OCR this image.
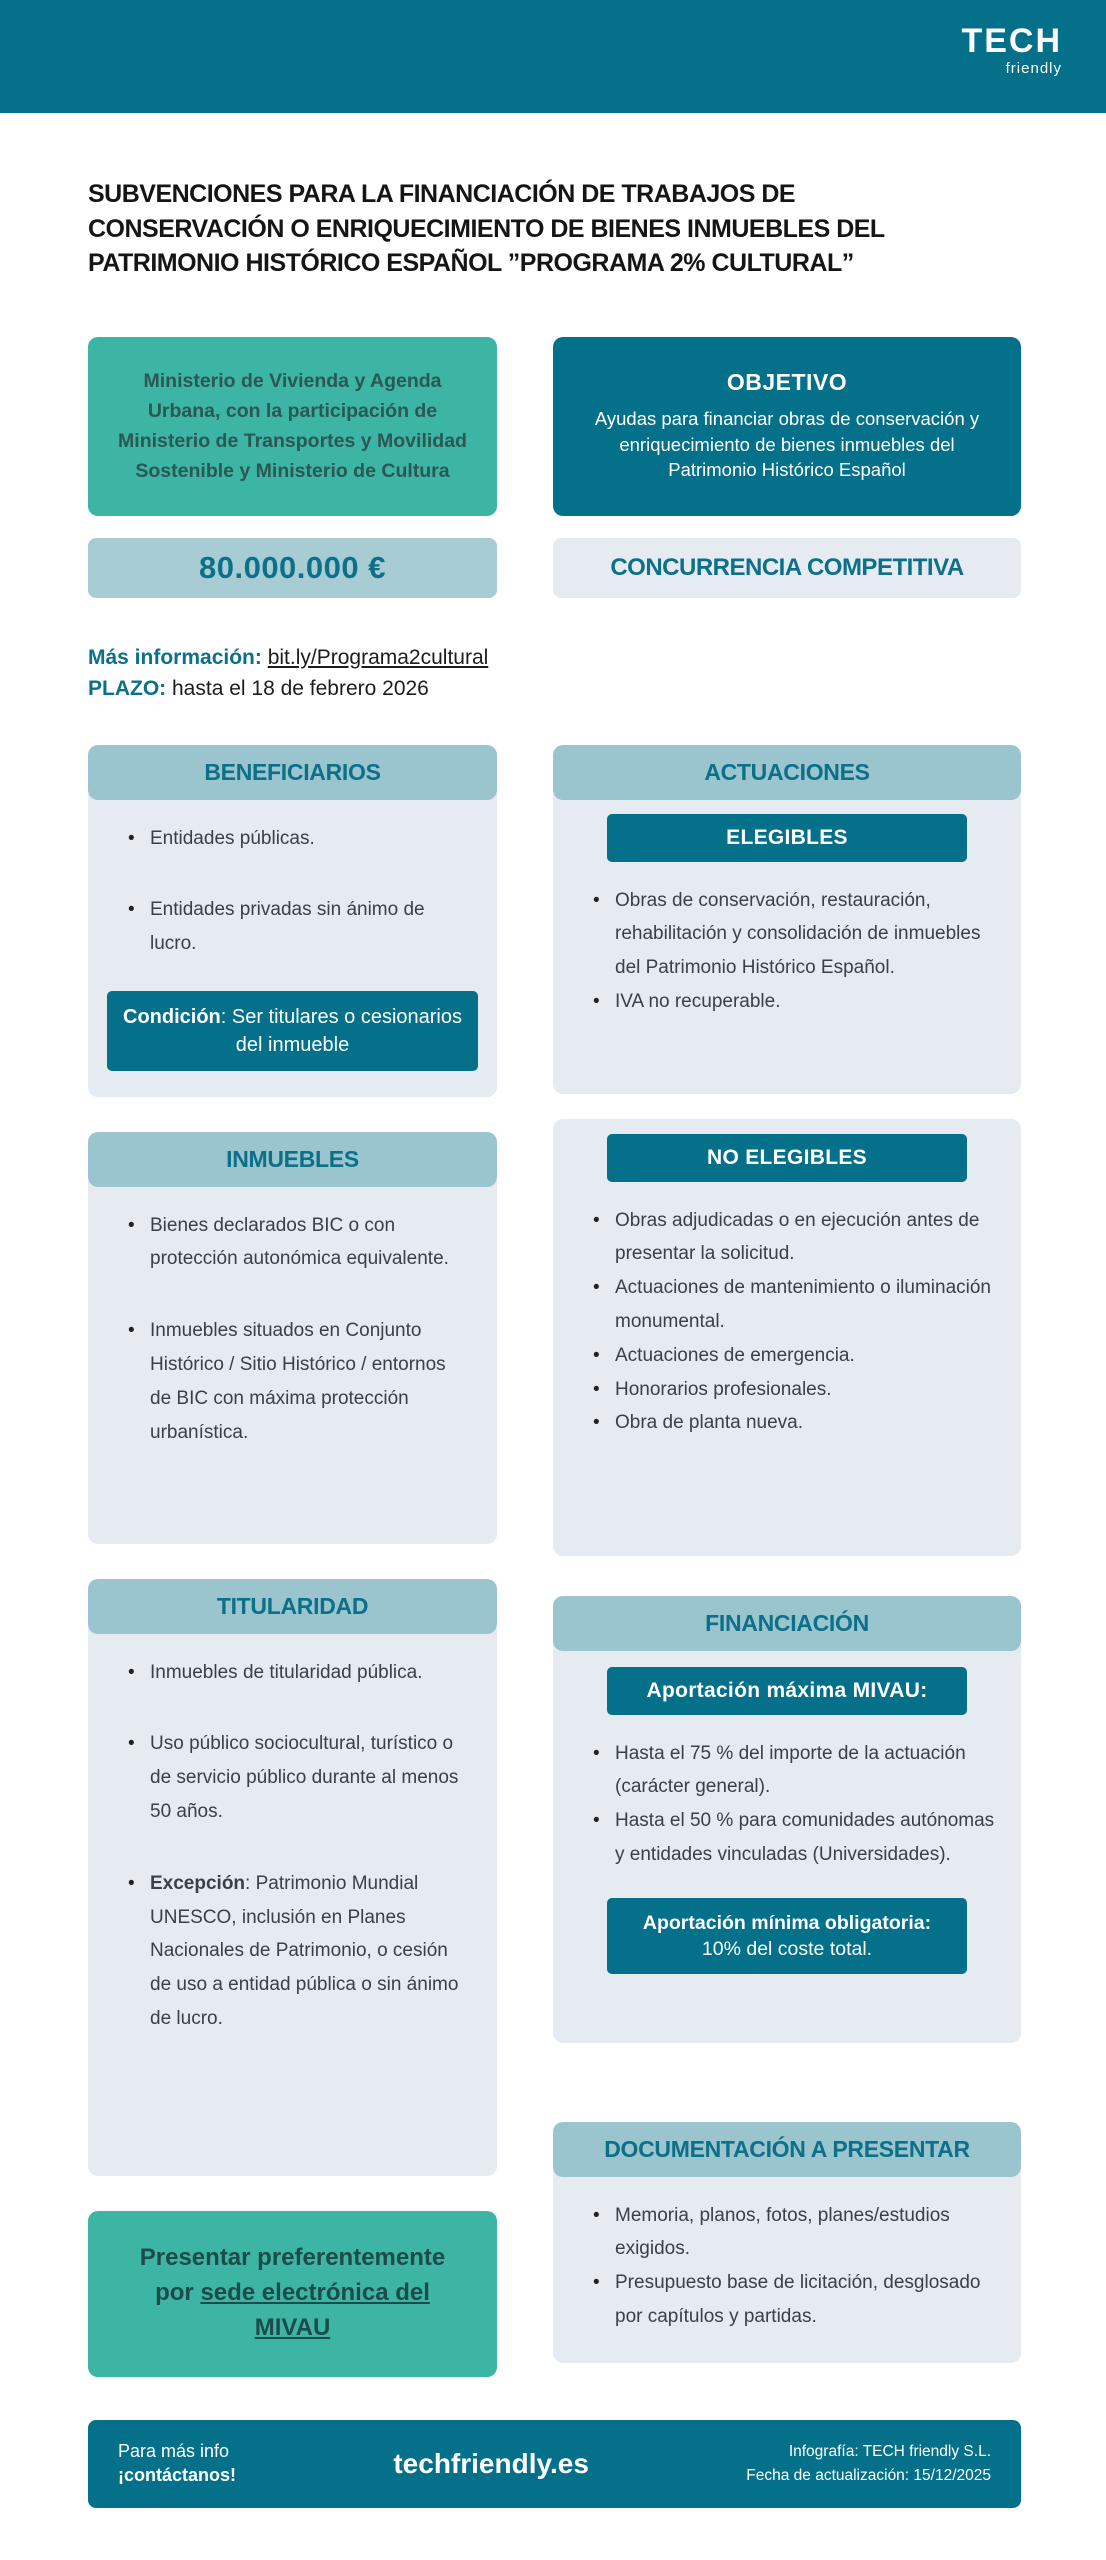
TECH
friendly
SUBVENCIONES PARA LA FINANCIACIÓN DE TRABAJOS DE CONSERVACIÓN O ENRIQUECIMIENTO DE BIENES INMUEBLES DEL PATRIMONIO HISTÓRICO ESPAÑOL ”PROGRAMA 2% CULTURAL”

Ministerio de Vivienda y Agenda Urbana, con la participación de Ministerio de Transportes y Movilidad Sostenible y Ministerio de Cultura

OBJETIVO

Ayudas para financiar obras de conservación y enriquecimiento de bienes inmuebles del Patrimonio Histórico Español

80.000.000 €	CONCURRENCIA COMPETITIVA

Más información: bit.ly/Programa2cultural

PLAZO: hasta el 18 de febrero 2026

BENEFICIARIOS
• Entidades públicas.
• Entidades privadas sin ánimo de lucro.
Condición: Ser titulares o cesionarios del inmueble
INMUEBLES
• Bienes declarados BIC o con protección autonómica equivalente.
• Inmuebles situados en Conjunto Histórico / Sitio Histórico / entornos de BIC con máxima protección urbanística.
TITULARIDAD
• Inmuebles de titularidad pública.
• Uso público sociocultural, turístico o de servicio público durante al menos 50 años.
• Excepción: Patrimonio Mundial UNESCO, inclusión en Planes Nacionales de Patrimonio, o cesión de uso a entidad pública o sin ánimo de lucro.

Presentar preferentemente por sede electrónica del MIVAU

ACTUACIONES
ELEGIBLES
• Obras de conservación, restauración, rehabilitación y consolidación de inmuebles del Patrimonio Histórico Español.
• IVA no recuperable.
NO ELEGIBLES
• Obras adjudicadas o en ejecución antes de presentar la solicitud.
• Actuaciones de mantenimiento o iluminación monumental.
• Actuaciones de emergencia.
• Honorarios profesionales.
• Obra de planta nueva.
FINANCIACIÓN
Aportación máxima MIVAU:
• Hasta el 75 % del importe de la actuación (carácter general).
• Hasta el 50 % para comunidades autónomas y entidades vinculadas (Universidades).

Aportación mínima obligatoria:
10% del coste total.

DOCUMENTACIÓN A PRESENTAR
• Memoria, planos, fotos, planes/estudios exigidos.
• Presupuesto base de licitación, desglosado por capítulos y partidas.
Para más info
¡contáctanos!	techfriendly.es	Infografía: TECH friendly S.L.
Fecha de actualización: 15/12/2025
